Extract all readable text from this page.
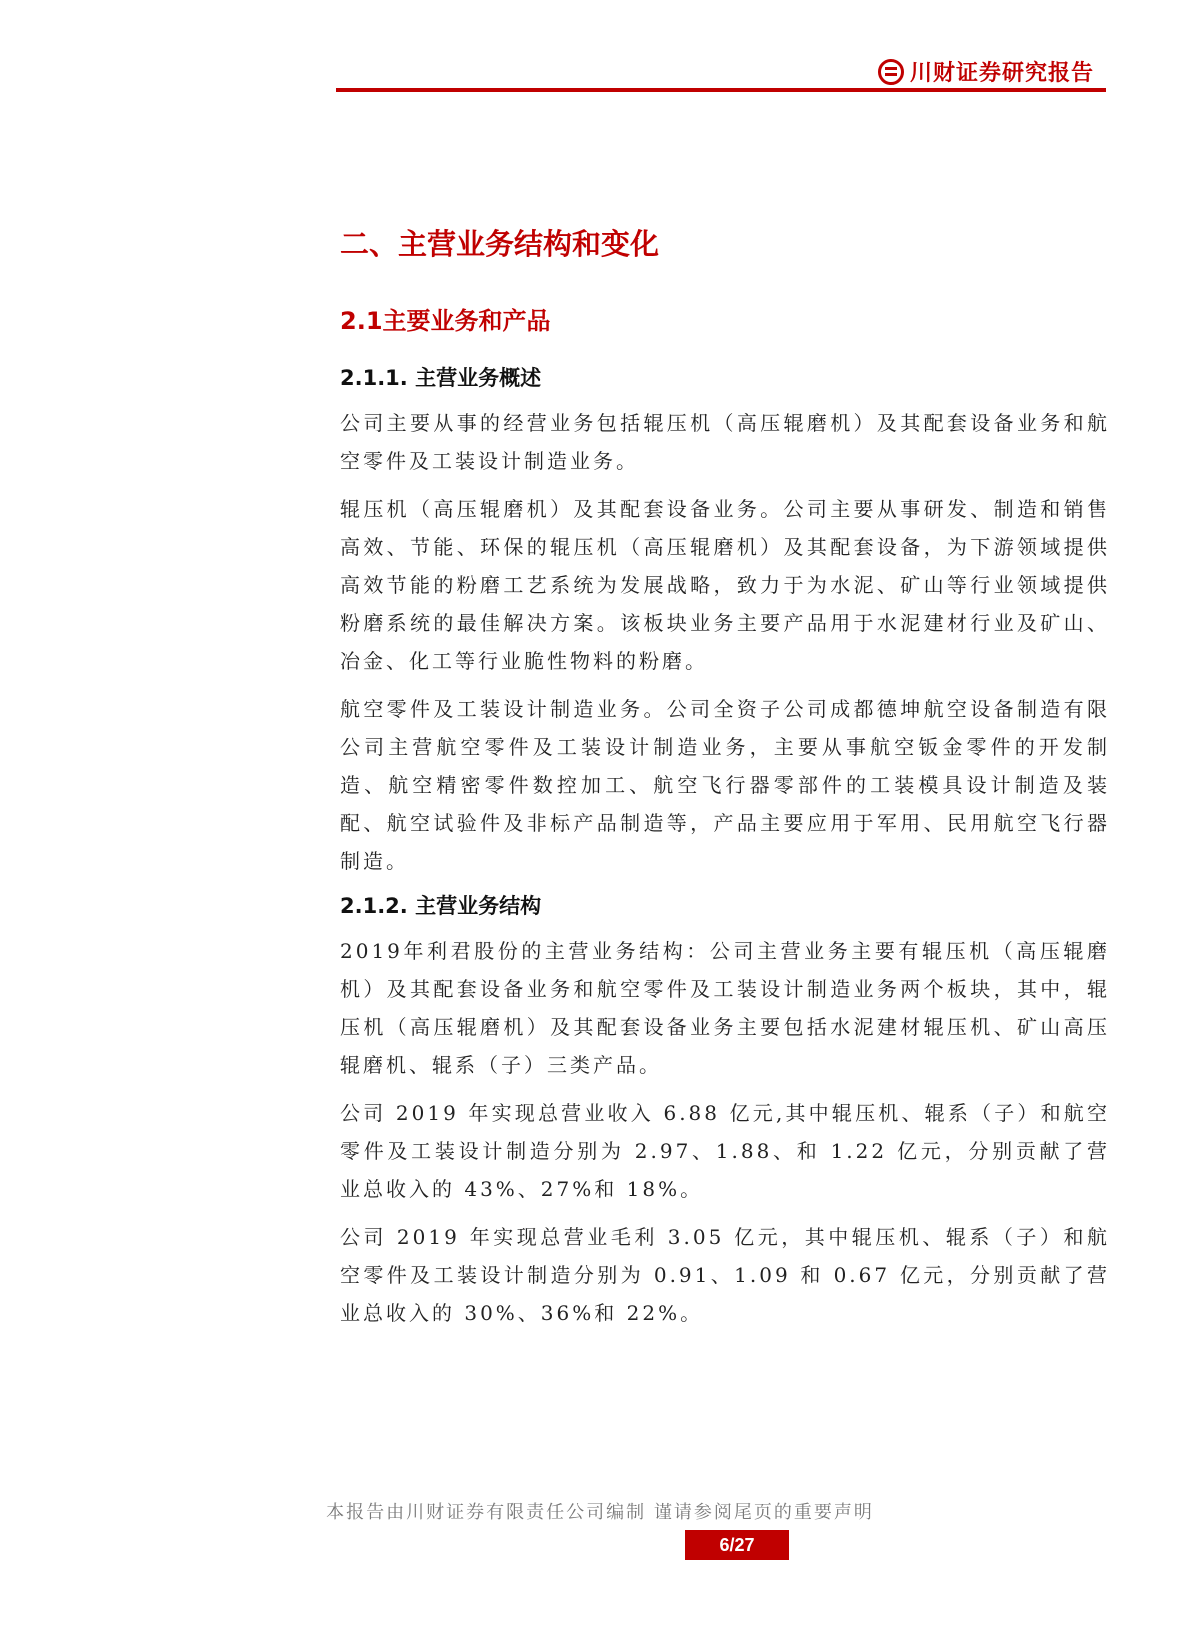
川财证券研究报告
二、主营业务结构和变化
2.1主要业务和产品
2.1.1. 主营业务概述

公司主要从事的经营业务包括辊压机（高压辊磨机）及其配套设备业务和航空零件及工装设计制造业务。

辊压机（高压辊磨机）及其配套设备业务。公司主要从事研发、制造和销售高效、节能、环保的辊压机（高压辊磨机）及其配套设备，为下游领域提供高效节能的粉磨工艺系统为发展战略，致力于为水泥、矿山等行业领域提供粉磨系统的最佳解决方案。该板块业务主要产品用于水泥建材行业及矿山、冶金、化工等行业脆性物料的粉磨。

航空零件及工装设计制造业务。公司全资子公司成都德坤航空设备制造有限公司主营航空零件及工装设计制造业务，主要从事航空钣金零件的开发制造、航空精密零件数控加工、航空飞行器零部件的工装模具设计制造及装配、航空试验件及非标产品制造等，产品主要应用于军用、民用航空飞行器制造。

2.1.2. 主营业务结构

2019年利君股份的主营业务结构：公司主营业务主要有辊压机（高压辊磨机）及其配套设备业务和航空零件及工装设计制造业务两个板块，其中，辊压机（高压辊磨机）及其配套设备业务主要包括水泥建材辊压机、矿山高压辊磨机、辊系（子）三类产品。

公司 2019 年实现总营业收入 6.88 亿元,其中辊压机、辊系（子）和航空零件及工装设计制造分别为 2.97、1.88、和 1.22 亿元，分别贡献了营业总收入的 43%、27%和 18%。

公司 2019 年实现总营业毛利 3.05 亿元，其中辊压机、辊系（子）和航空零件及工装设计制造分别为 0.91、1.09 和 0.67 亿元，分别贡献了营业总收入的 30%、36%和 22%。

本报告由川财证券有限责任公司编制 谨请参阅尾页的重要声明
6/27
